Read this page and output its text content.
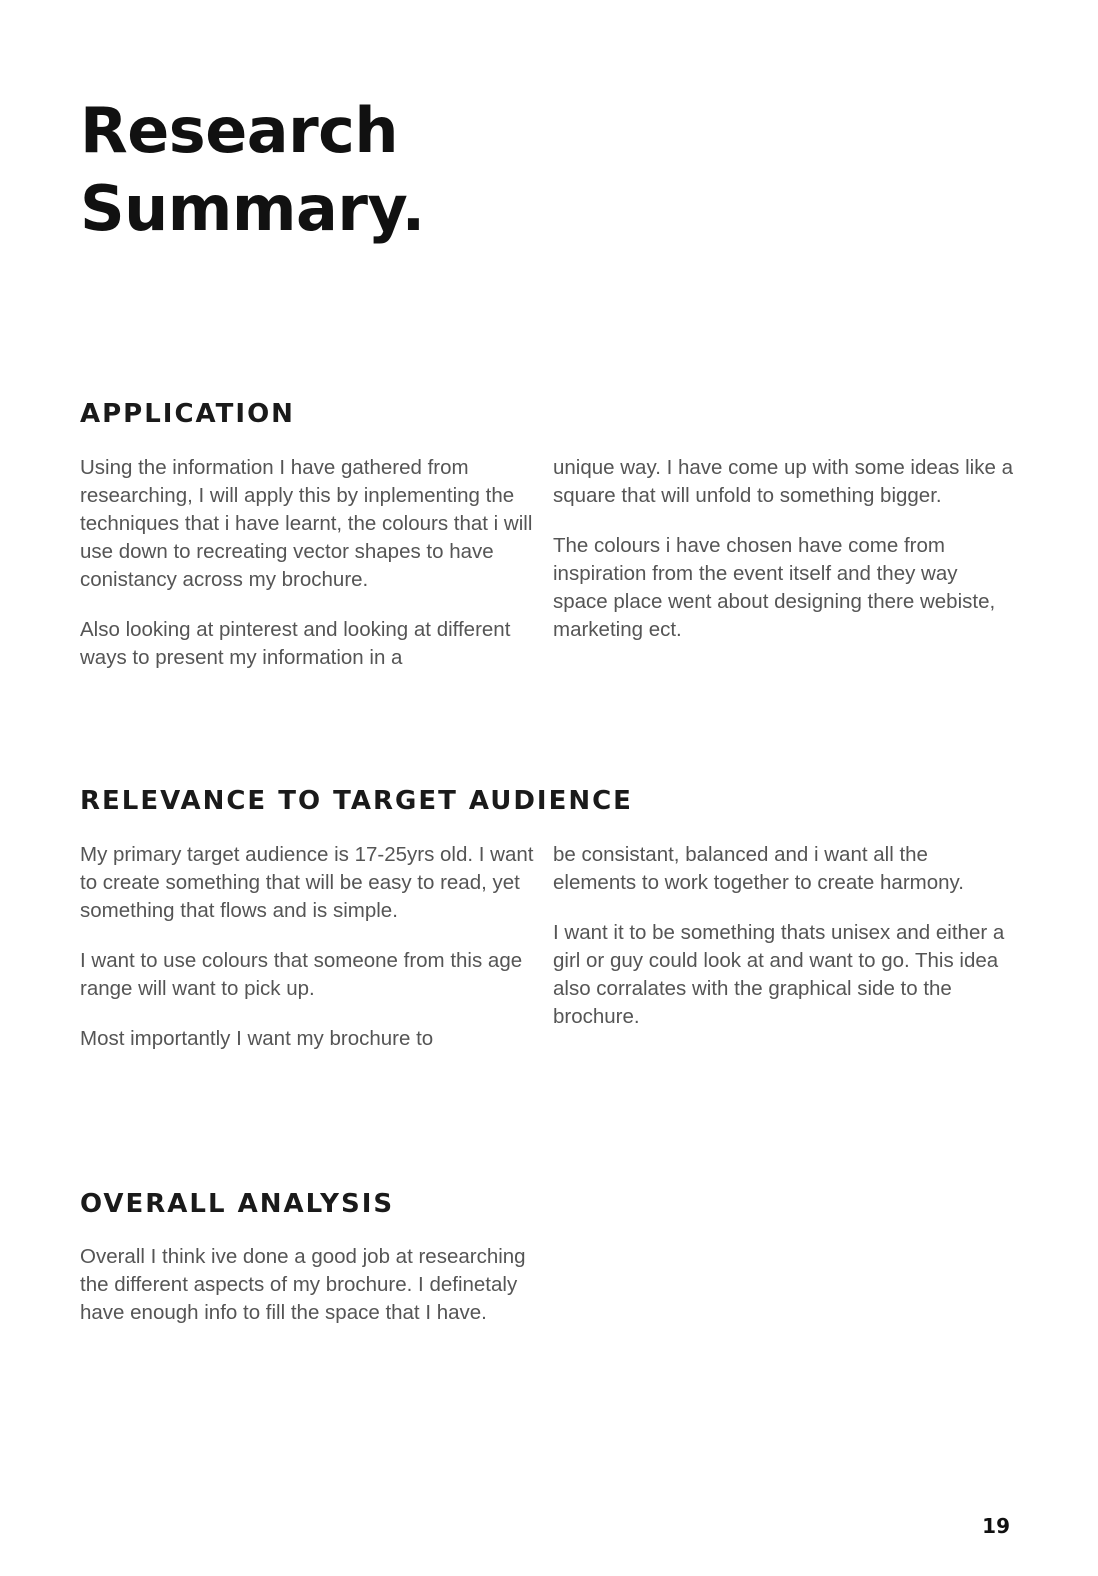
Research
Summary.
APPLICATION

Using the information I have gathered from researching, I will apply this by inplementing the techniques that i have learnt, the colours that i will use down to recreating vector shapes to have conistancy across my brochure.

Also looking at pinterest and looking at different ways to present my information in a

unique way. I have come up with some ideas like a square that will unfold to something bigger.

The colours i have chosen have come from inspiration from the event itself and they way space place went about designing there webiste, marketing ect.

RELEVANCE TO TARGET AUDIENCE

My primary target audience is 17-25yrs old. I want to create something that will be easy to read, yet something that flows and is simple.

I want to use colours that someone from this age range will want to pick up.

Most importantly I want my brochure to

be consistant, balanced and i want all the elements to work together to create harmony.

I want it to be something thats unisex and either a girl or guy could look at and want to go. This idea also corralates with the graphical side to the brochure.

OVERALL ANALYSIS

Overall I think ive done a good job at researching the different aspects of my brochure. I definetaly have enough info to fill the space that I have.

19
